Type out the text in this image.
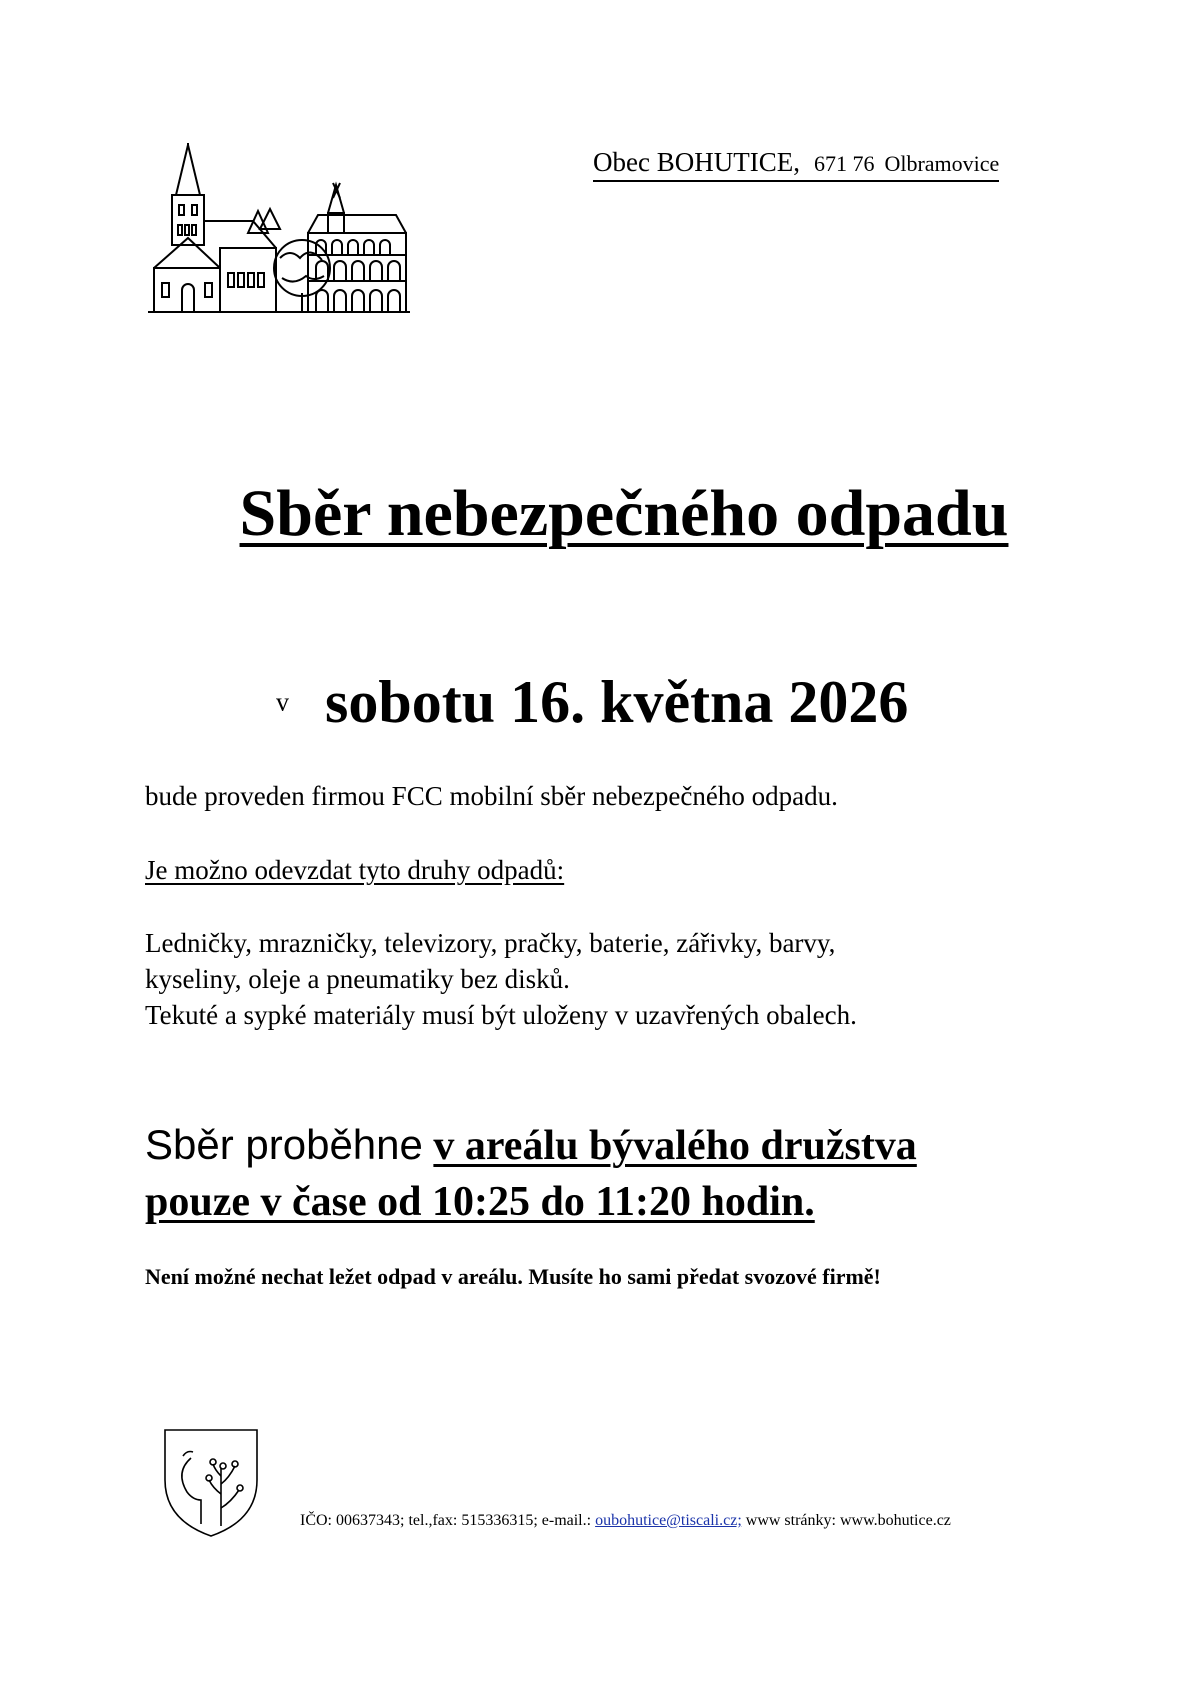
Obec BOHUTICE, 671 76 Olbramovice
Sběr nebezpečného odpadu
v sobotu 16. května 2026
bude proveden firmou FCC mobilní sběr nebezpečného odpadu.
Je možno odevzdat tyto druhy odpadů:
Ledničky, mrazničky, televizory, pračky, baterie, zářivky, barvy,
kyseliny, oleje a pneumatiky bez disků.
Tekuté a sypké materiály musí být uloženy v uzavřených obalech.
Sběr proběhne v areálu bývalého družstva
pouze v čase od 10:25 do 11:20 hodin.
Není možné nechat ležet odpad v areálu. Musíte ho sami předat svozové firmě!
IČO: 00637343; tel.,fax: 515336315; e-mail.: oubohutice@tiscali.cz; www stránky: www.bohutice.cz
